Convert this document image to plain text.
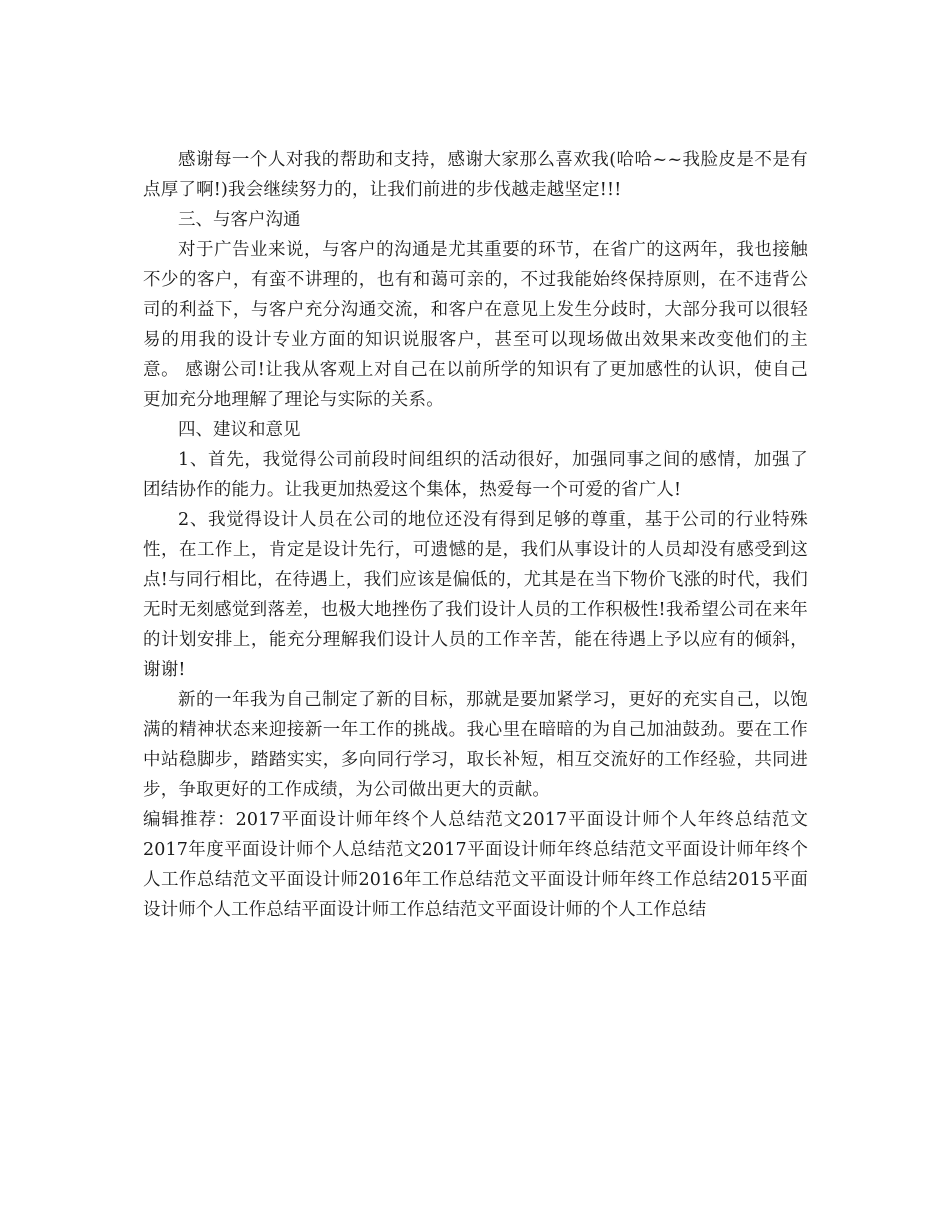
感谢每一个人对我的帮助和支持，感谢大家那么喜欢我(哈哈~~我脸皮是不是有点厚了啊!)我会继续努力的，让我们前进的步伐越走越坚定!!!

三、与客户沟通

对于广告业来说，与客户的沟通是尤其重要的环节，在省广的这两年，我也接触不少的客户，有蛮不讲理的，也有和蔼可亲的，不过我能始终保持原则，在不违背公司的利益下，与客户充分沟通交流，和客户在意见上发生分歧时，大部分我可以很轻易的用我的设计专业方面的知识说服客户，甚至可以现场做出效果来改变他们的主意。 感谢公司!让我从客观上对自己在以前所学的知识有了更加感性的认识，使自己更加充分地理解了理论与实际的关系。

四、建议和意见

1、首先，我觉得公司前段时间组织的活动很好，加强同事之间的感情，加强了团结协作的能力。让我更加热爱这个集体，热爱每一个可爱的省广人!

2、我觉得设计人员在公司的地位还没有得到足够的尊重，基于公司的行业特殊性，在工作上，肯定是设计先行，可遗憾的是，我们从事设计的人员却没有感受到这点!与同行相比，在待遇上，我们应该是偏低的，尤其是在当下物价飞涨的时代，我们无时无刻感觉到落差，也极大地挫伤了我们设计人员的工作积极性!我希望公司在来年的计划安排上，能充分理解我们设计人员的工作辛苦，能在待遇上予以应有的倾斜，谢谢!

新的一年我为自己制定了新的目标，那就是要加紧学习，更好的充实自己，以饱满的精神状态来迎接新一年工作的挑战。我心里在暗暗的为自己加油鼓劲。要在工作中站稳脚步，踏踏实实，多向同行学习，取长补短，相互交流好的工作经验，共同进步，争取更好的工作成绩，为公司做出更大的贡献。

编辑推荐：2017平面设计师年终个人总结范文2017平面设计师个人年终总结范文2017年度平面设计师个人总结范文2017平面设计师年终总结范文平面设计师年终个人工作总结范文平面设计师2016年工作总结范文平面设计师年终工作总结2015平面设计师个人工作总结平面设计师工作总结范文平面设计师的个人工作总结
